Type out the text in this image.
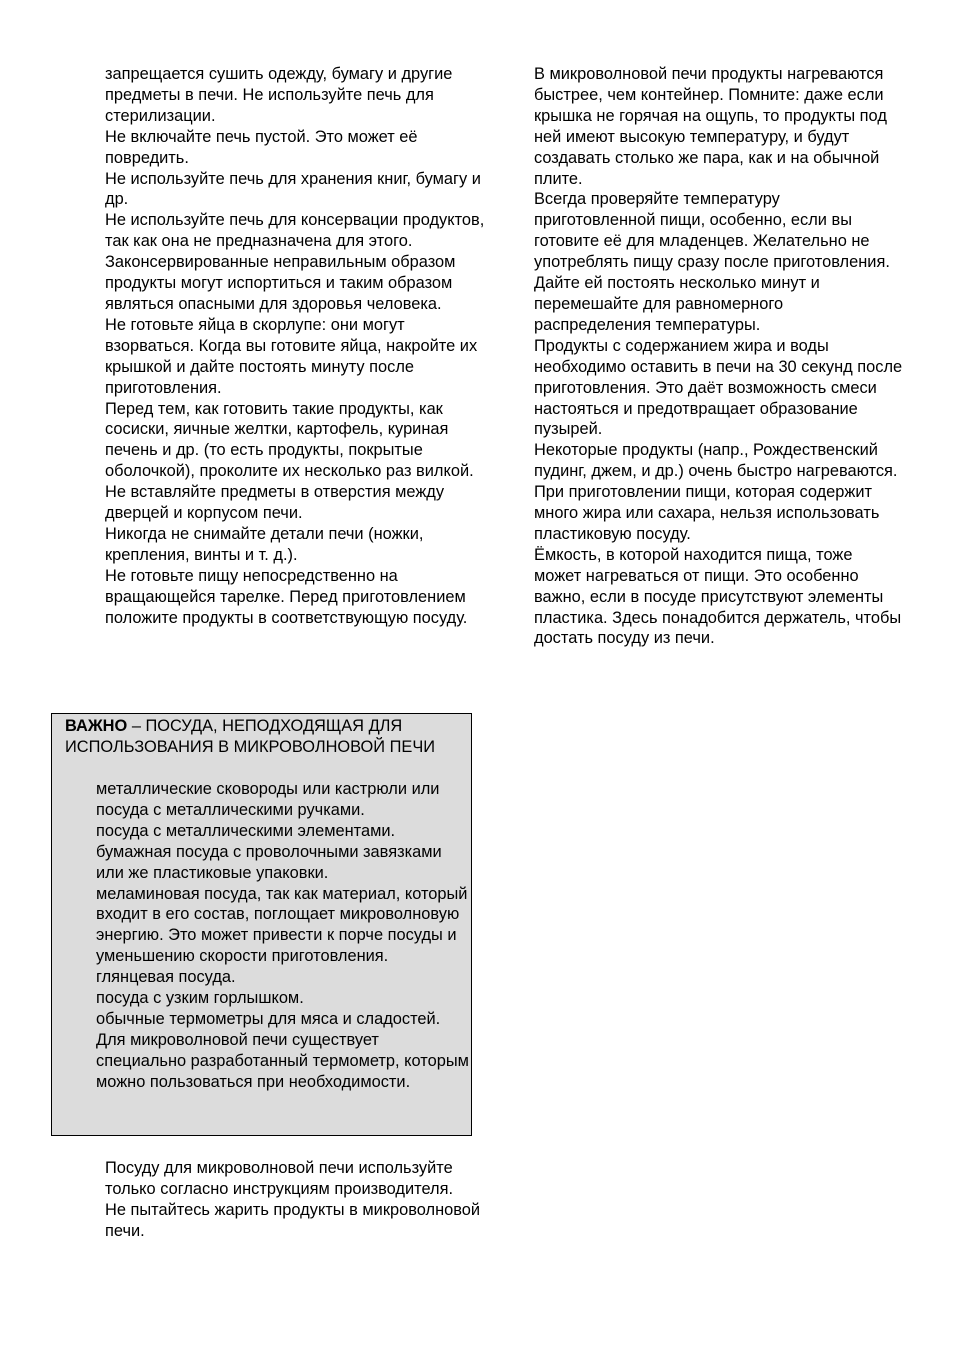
запрещается сушить одежду, бумагу и другие предметы в печи. Не используйте печь для стерилизации.

Не включайте печь пустой. Это может её повредить.

Не используйте печь для хранения книг, бумагу и др.

Не используйте печь для консервации продуктов, так как она не предназначена для этого. Законсервированные неправильным образом продукты могут испортиться и таким образом являться опасными для здоровья человека.

Не готовьте яйца в скорлупе: они могут взорваться. Когда вы готовите яйца, накройте их крышкой и дайте постоять минуту после приготовления.

Перед тем, как готовить такие продукты, как сосиски, яичные желтки, картофель, куриная печень и др. (то есть продукты, покрытые оболочкой), проколите их несколько раз вилкой.

Не вставляйте предметы в отверстия между дверцей и корпусом печи.

Никогда не снимайте детали печи (ножки, крепления, винты и т. д.).

Не готовьте пищу непосредственно на вращающейся тарелке. Перед приготовлением положите продукты в соответствующую посуду.

ВАЖНО – ПОСУДА, НЕПОДХОДЯЩАЯ ДЛЯ ИСПОЛЬЗОВАНИЯ В МИКРОВОЛНОВОЙ ПЕЧИ

металлические сковороды или кастрюли или посуда с металлическими ручками.
посуда с металлическими элементами.
бумажная посуда с проволочными завязками или же пластиковые упаковки.
меламиновая посуда, так как материал, который входит в его состав, поглощает микроволновую энергию. Это может привести к порче посуды и уменьшению скорости приготовления.
глянцевая посуда.
посуда с узким горлышком.
обычные термометры для мяса и сладостей. Для микроволновой печи существует специально разработанный термометр, которым можно пользоваться при необходимости.

Посуду для микроволновой печи используйте только согласно инструкциям производителя.

Не пытайтесь жарить продукты в микроволновой печи.

В микроволновой печи продукты нагреваются быстрее, чем контейнер. Помните: даже если крышка не горячая на ощупь, то продукты под ней имеют высокую температуру, и будут создавать столько же пара, как и на обычной плите.

Всегда проверяйте температуру приготовленной пищи, особенно, если вы готовите её для младенцев. Желательно не употреблять пищу сразу после приготовления. Дайте ей постоять несколько минут и перемешайте для равномерного распределения температуры.

Продукты с содержанием жира и воды необходимо оставить в печи на 30 секунд после приготовления. Это даёт возможность смеси настояться и предотвращает образование пузырей.

Некоторые продукты (напр., Рождественский пудинг, джем, и др.) очень быстро нагреваются. При приготовлении пищи, которая содержит много жира или сахара, нельзя использовать пластиковую посуду.

Ёмкость, в которой находится пища, тоже может нагреваться от пищи. Это особенно важно, если в посуде присутствуют элементы пластика. Здесь понадобится держатель, чтобы достать посуду из печи.
